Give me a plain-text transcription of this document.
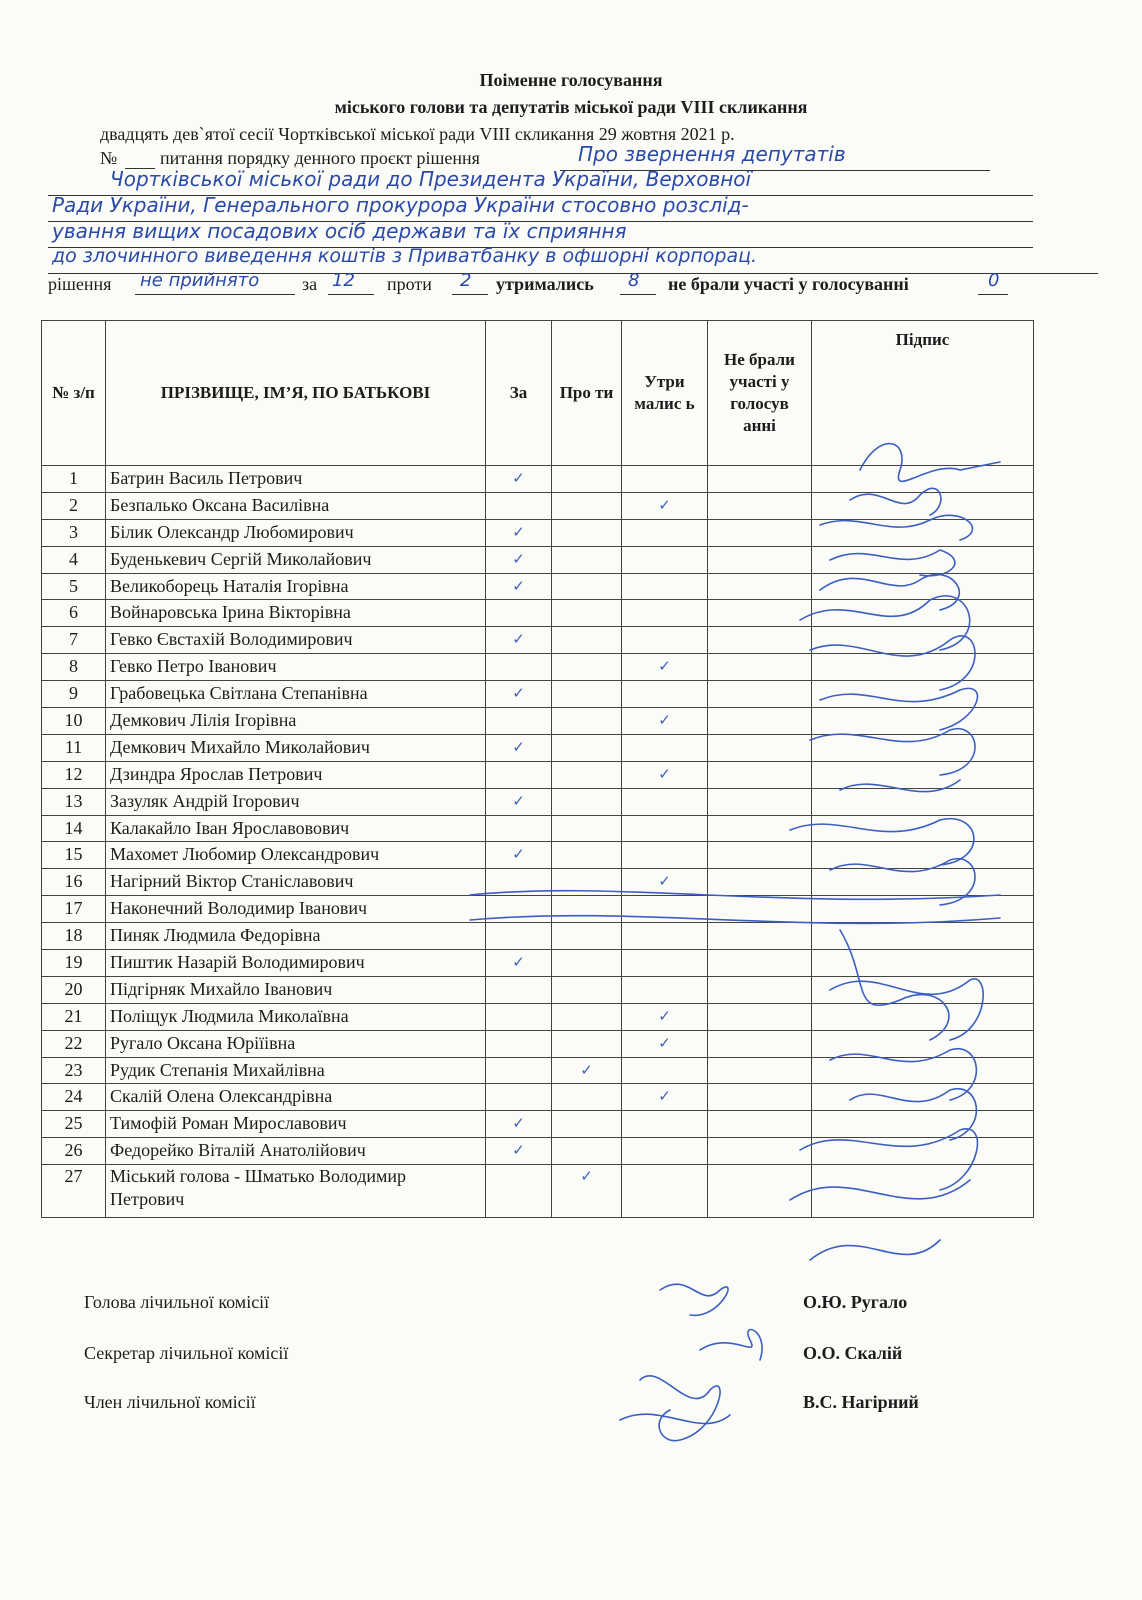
Поіменне голосування
міського голови та депутатів міської ради VIII скликання
двадцять дев`ятої сесії Чортківської міської ради VIII скликання 29 жовтня 2021 р.
№ питання порядку денного проєкт рішення	Про звернення депутатів
Чортківської міської ради до Президента України, Верховної
Ради України, Генерального прокурора України стосовно розслід-
ування вищих посадових осіб держави та їх сприяння
до злочинного виведення коштів з Приватбанку в офшорні корпорац.
рішення не прийнято за 12 проти 2 утримались 8 не брали участі у голосуванні	0
№ з/п	ПРІЗВИЩЕ, ІМ’Я, ПО БАТЬКОВІ	За	Про ти	Утри малис ь	Не брали участі у голосув анні	Підпис
1	Батрин Василь Петрович	✓				
2	Безпалько Оксана Василівна			✓		
3	Білик Олександр Любомирович	✓				
4	Буденькевич Сергій Миколайович	✓				
5	Великоборець Наталія Ігорівна	✓				
6	Войнаровська Ірина Вікторівна					
7	Гевко Євстахій Володимирович	✓				
8	Гевко Петро Іванович			✓		
9	Грабовецька Світлана Степанівна	✓				
10	Демкович Лілія Ігорівна			✓		
11	Демкович Михайло Миколайович	✓				
12	Дзиндра Ярослав Петрович			✓		
13	Зазуляк Андрій Ігорович	✓				
14	Калакайло Іван Ярославовович					
15	Махомет Любомир Олександрович	✓				
16	Нагірний Віктор Станіславович			✓		
17	Наконечний Володимир Іванович					
18	Пиняк Людмила Федорівна					
19	Пиштик Назарій Володимирович	✓				
20	Підгірняк Михайло Іванович					
21	Поліщук Людмила Миколаївна			✓		
22	Ругало Оксана Юріїівна			✓		
23	Рудик Степанія Михайлівна		✓			
24	Скалій Олена Олександрівна			✓		
25	Тимофій Роман Мирославович	✓				
26	Федорейко Віталій Анатолійович	✓				
27	Міський голова - Шматько Володимир Петрович		✓			
Голова лічильної комісії	О.Ю. Ругало
Секретар лічильної комісії	О.О. Скалій
Член лічильної комісії	В.С. Нагірний
